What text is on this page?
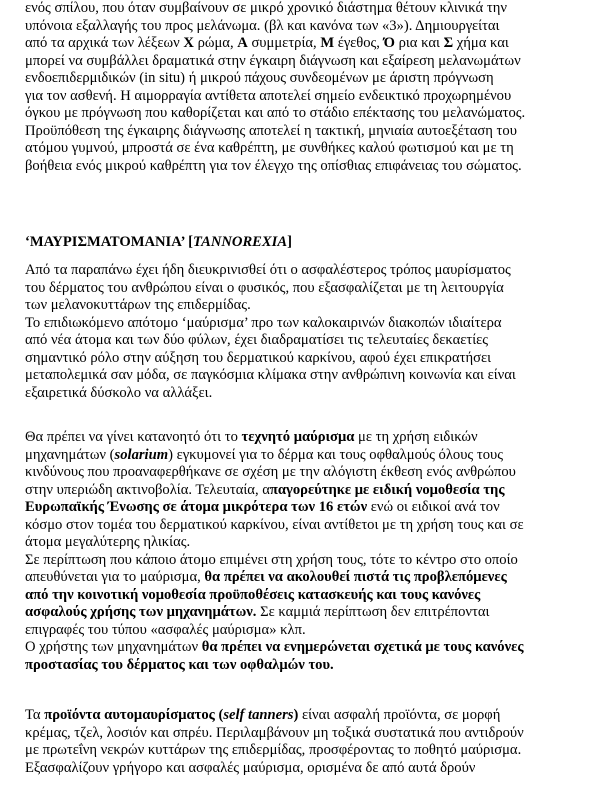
ενός σπίλου, που όταν συμβαίνουν σε μικρό χρονικό διάστημα θέτουν κλινικά την
υπόνοια εξαλλαγής του προς μελάνωμα. (βλ και κανόνα των «3»). Δημιουργείται
από τα αρχικά των λέξεων Χ ρώμα, Α συμμετρία, Μ έγεθος, Ό ρια και Σ χήμα και
μπορεί να συμβάλλει δραματικά στην έγκαιρη διάγνωση και εξαίρεση μελανωμάτων
ενδοεπιδερμιδικών (in situ) ή μικρού πάχους συνδεομένων με άριστη πρόγνωση
για τον ασθενή. Η αιμορραγία αντίθετα αποτελεί σημείο ενδεικτικό προχωρημένου
όγκου με πρόγνωση που καθορίζεται και από το στάδιο επέκτασης του μελανώματος.
Προϋπόθεση της έγκαιρης διάγνωσης αποτελεί η τακτική, μηνιαία αυτοεξέταση του
ατόμου γυμνού, μπροστά σε ένα καθρέπτη, με συνθήκες καλού φωτισμού και με τη
βοήθεια ενός μικρού καθρέπτη για τον έλεγχο της οπίσθιας επιφάνειας του σώματος.
‘ΜΑΥΡΙΣΜΑΤΟΜΑΝΙΑ’ [TANNOREXIA]
Από τα παραπάνω έχει ήδη διευκρινισθεί ότι ο ασφαλέστερος τρόπος μαυρίσματος
του δέρματος του ανθρώπου είναι ο φυσικός, που εξασφαλίζεται με τη λειτουργία
των μελανοκυττάρων της επιδερμίδας.
Το επιδιωκόμενο απότομο ‘μαύρισμα’ προ των καλοκαιρινών διακοπών ιδιαίτερα
από νέα άτομα και των δύο φύλων, έχει διαδραματίσει τις τελευταίες δεκαετίες
σημαντικό ρόλο στην αύξηση του δερματικού καρκίνου, αφού έχει επικρατήσει
μεταπολεμικά σαν μόδα, σε παγκόσμια κλίμακα στην ανθρώπινη κοινωνία και είναι
εξαιρετικά δύσκολο να αλλάξει.
Θα πρέπει να γίνει κατανοητό ότι το τεχνητό μαύρισμα με τη χρήση ειδικών
μηχανημάτων (solarium) εγκυμονεί για το δέρμα και τους οφθαλμούς όλους τους
κινδύνους που προαναφερθήκανε σε σχέση με την αλόγιστη έκθεση ενός ανθρώπου
στην υπεριώδη ακτινοβολία. Τελευταία, απαγορεύτηκε με ειδική νομοθεσία της
Ευρωπαϊκής Ένωσης σε άτομα μικρότερα των 16 ετών ενώ οι ειδικοί ανά τον
κόσμο στον τομέα του δερματικού καρκίνου, είναι αντίθετοι με τη χρήση τους και σε
άτομα μεγαλύτερης ηλικίας.
Σε περίπτωση που κάποιο άτομο επιμένει στη χρήση τους, τότε το κέντρο στο οποίο
απευθύνεται για το μαύρισμα, θα πρέπει να ακολουθεί πιστά τις προβλεπόμενες
από την κοινοτική νομοθεσία προϋποθέσεις κατασκευής και τους κανόνες
ασφαλούς χρήσης των μηχανημάτων. Σε καμμιά περίπτωση δεν επιτρέπονται
επιγραφές του τύπου «ασφαλές μαύρισμα» κλπ.
Ο χρήστης των μηχανημάτων θα πρέπει να ενημερώνεται σχετικά με τους κανόνες
προστασίας του δέρματος και των οφθαλμών του.
Τα προϊόντα αυτομαυρίσματος (self tanners) είναι ασφαλή προϊόντα, σε μορφή
κρέμας, τζελ, λοσιόν και σπρέυ. Περιλαμβάνουν μη τοξικά συστατικά που αντιδρούν
με πρωτεΐνη νεκρών κυττάρων της επιδερμίδας, προσφέροντας το ποθητό μαύρισμα.
Εξασφαλίζουν γρήγορο και ασφαλές μαύρισμα, ορισμένα δε από αυτά δρούν
